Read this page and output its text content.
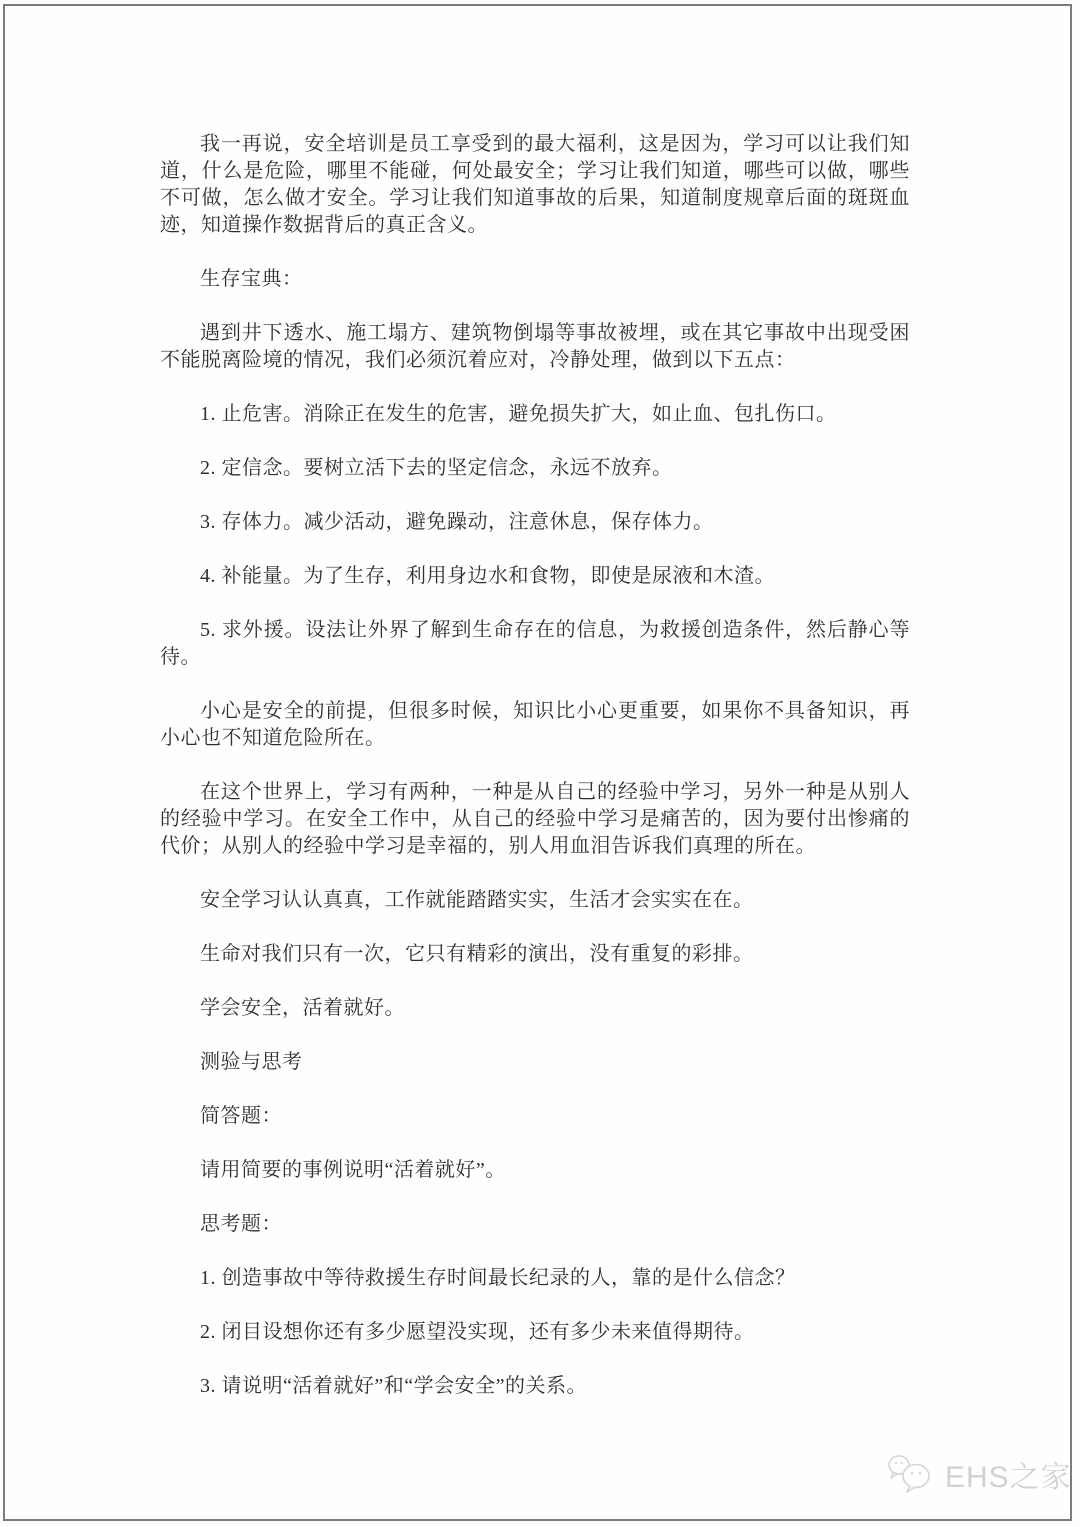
我一再说，安全培训是员工享受到的最大福利，这是因为，学习可以让我们知道，什么是危险，哪里不能碰，何处最安全；学习让我们知道，哪些可以做，哪些不可做，怎么做才安全。学习让我们知道事故的后果，知道制度规章后面的斑斑血迹，知道操作数据背后的真正含义。

生存宝典：

遇到井下透水、施工塌方、建筑物倒塌等事故被埋，或在其它事故中出现受困不能脱离险境的情况，我们必须沉着应对，冷静处理，做到以下五点：

1. 止危害。消除正在发生的危害，避免损失扩大，如止血、包扎伤口。

2. 定信念。要树立活下去的坚定信念，永远不放弃。

3. 存体力。减少活动，避免躁动，注意休息，保存体力。

4. 补能量。为了生存，利用身边水和食物，即使是尿液和木渣。

5. 求外援。设法让外界了解到生命存在的信息，为救援创造条件，然后静心等待。

小心是安全的前提，但很多时候，知识比小心更重要，如果你不具备知识，再小心也不知道危险所在。

在这个世界上，学习有两种，一种是从自己的经验中学习，另外一种是从别人的经验中学习。在安全工作中，从自己的经验中学习是痛苦的，因为要付出惨痛的代价；从别人的经验中学习是幸福的，别人用血泪告诉我们真理的所在。

安全学习认认真真，工作就能踏踏实实，生活才会实实在在。

生命对我们只有一次，它只有精彩的演出，没有重复的彩排。

学会安全，活着就好。

测验与思考

简答题：

请用简要的事例说明“活着就好”。

思考题：

1. 创造事故中等待救援生存时间最长纪录的人，靠的是什么信念？

2. 闭目设想你还有多少愿望没实现，还有多少未来值得期待。

3. 请说明“活着就好”和“学会安全”的关系。

EHS之家
